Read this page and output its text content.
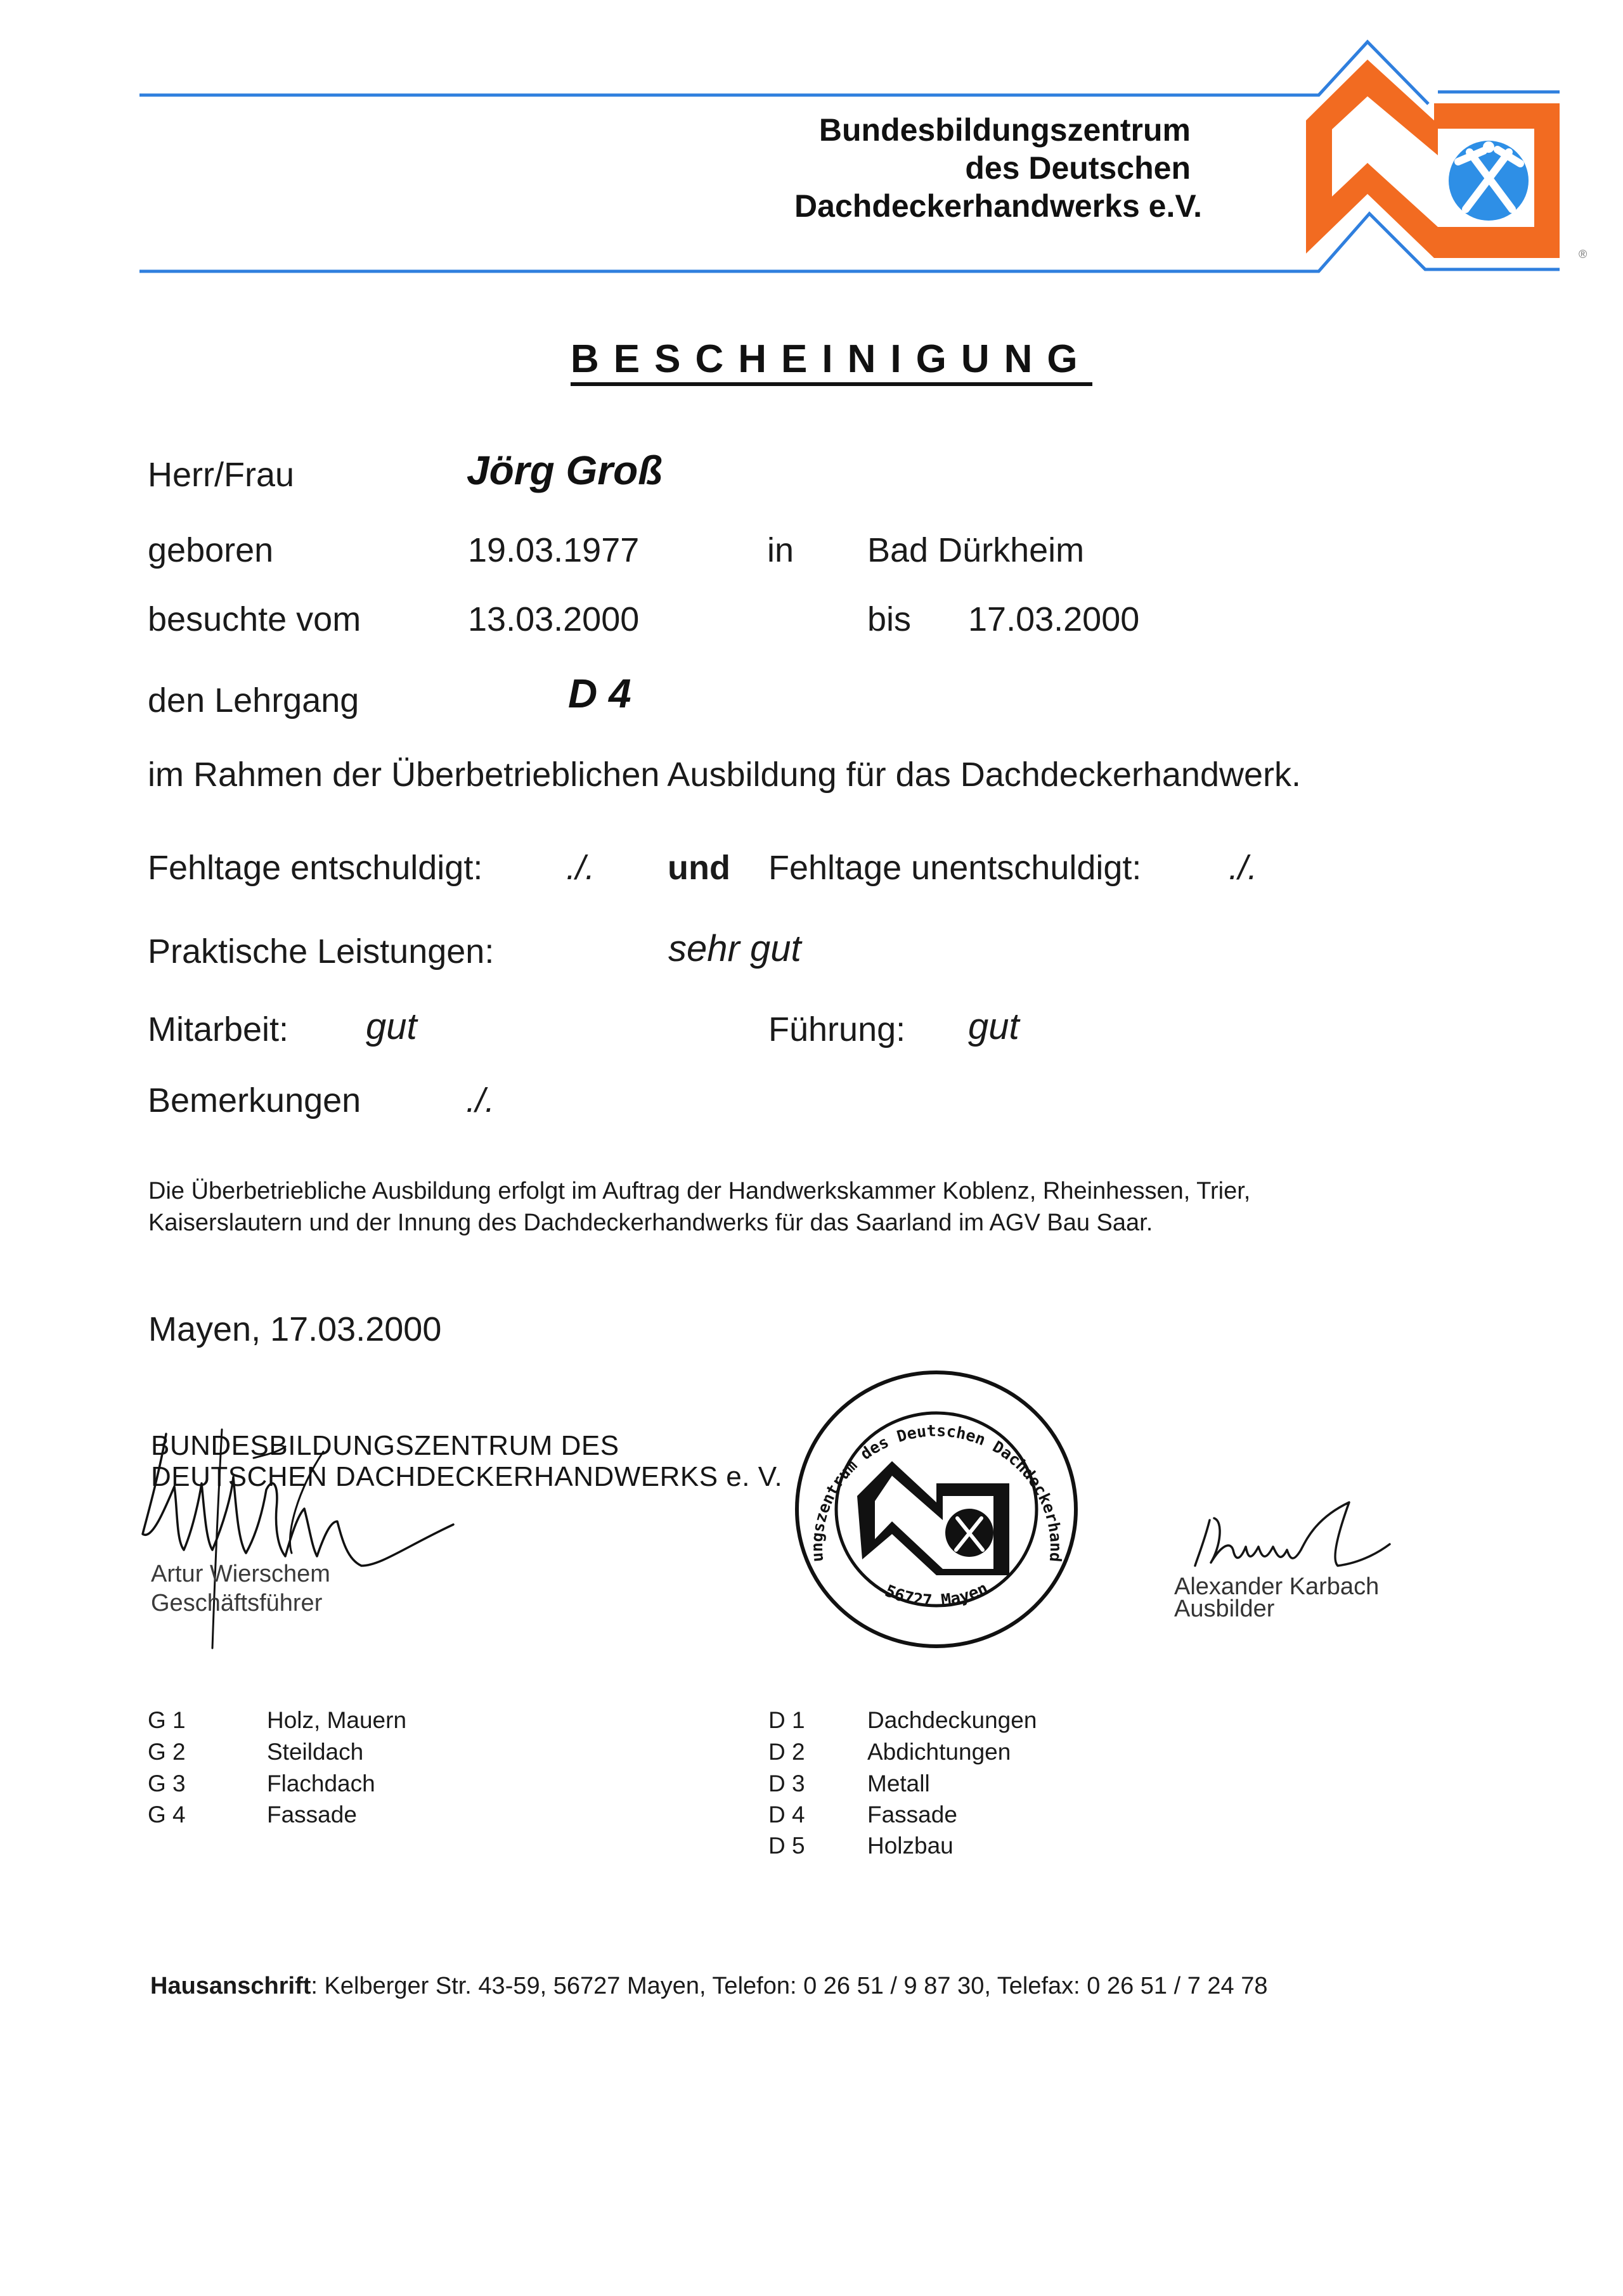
®
Bundesbildungszentrum
des Deutschen
Dachdeckerhandwerks e.V.
BESCHEINIGUNG
Herr/Frau	Jörg Groß
geboren	19.03.1977	in Bad Dürkheim
besuchte vom	13.03.2000	bis 17.03.2000
den Lehrgang	D 4
im Rahmen der Überbetrieblichen Ausbildung für das Dachdeckerhandwerk.
Fehltage entschuldigt: ./. und Fehltage unentschuldigt:	./.
Praktische Leistungen:	sehr gut
Mitarbeit: gut	Führung: gut
Bemerkungen	./.
Die Überbetriebliche Ausbildung erfolgt im Auftrag der Handwerkskammer Koblenz, Rheinhessen, Trier,
Kaiserslautern und der Innung des Dachdeckerhandwerks für das Saarland im AGV Bau Saar.
Mayen, 17.03.2000
BUNDESBILDUNGSZENTRUM DES
DEUTSCHEN DACHDECKERHANDWERKS e. V.
Artur Wierschem
Geschäftsführer
Bundesbildungszentrum des Deutschen Dachdeckerhandwerks e.V.
56727 Mayen	Alexander Karbach
Ausbilder
G 1	Holz, Mauern
G 2	Steildach
G 3	Flachdach
G 4	Fassade
D 1	Dachdeckungen
D 2	Abdichtungen
D 3	Metall
D 4	Fassade
D 5	Holzbau
Hausanschrift: Kelberger Str. 43-59, 56727 Mayen, Telefon: 0 26 51 / 9 87 30, Telefax: 0 26 51 / 7 24 78
